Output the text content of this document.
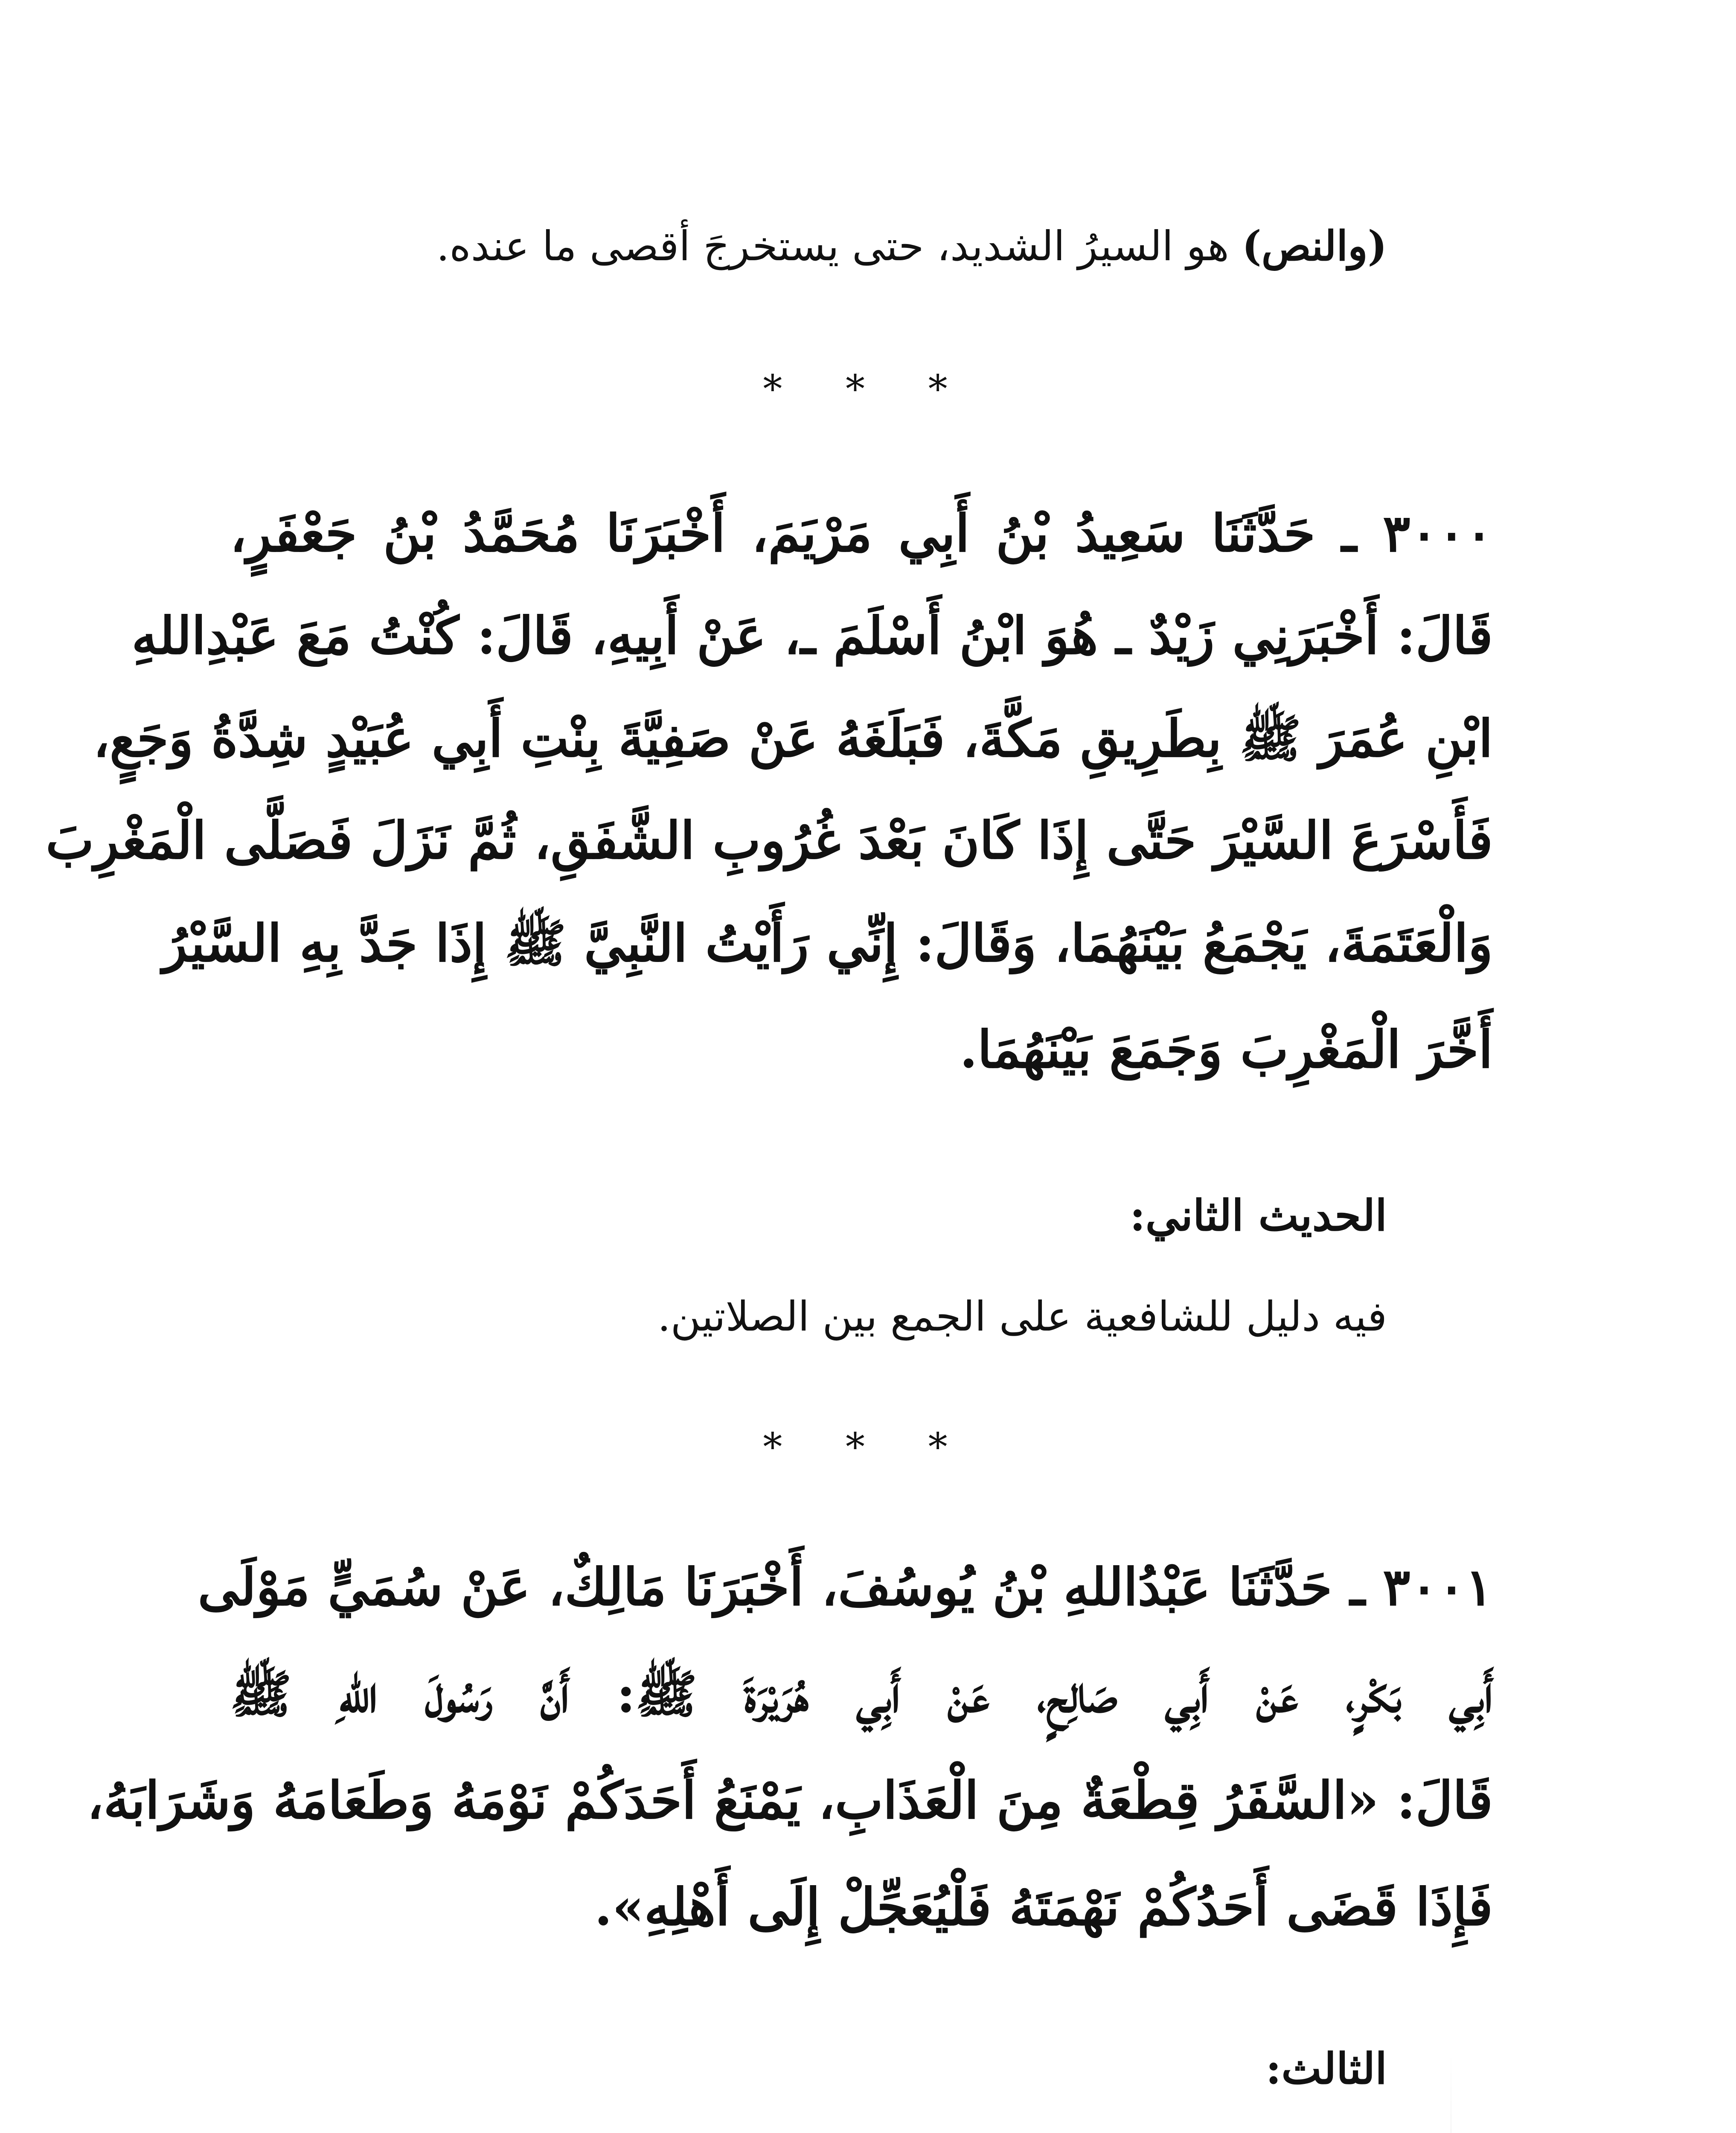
(والنص) هو السيرُ الشديد، حتى يستخرجَ أقصى ما عنده.
* * *
٣٠٠٠ ـ حَدَّثَنَا سَعِيدُ بْنُ أَبِي مَرْيَمَ، أَخْبَرَنَا مُحَمَّدُ بْنُ جَعْفَرٍ،
قَالَ: أَخْبَرَنِي زَيْدٌ ـ هُوَ ابْنُ أَسْلَمَ ـ، عَنْ أَبِيهِ، قَالَ: كُنْتُ مَعَ عَبْدِاللهِ
ابْنِ عُمَرَ ﷺ بِطَرِيقِ مَكَّةَ، فَبَلَغَهُ عَنْ صَفِيَّةَ بِنْتِ أَبِي عُبَيْدٍ شِدَّةُ وَجَعٍ،
فَأَسْرَعَ السَّيْرَ حَتَّى إِذَا كَانَ بَعْدَ غُرُوبِ الشَّفَقِ، ثُمَّ نَزَلَ فَصَلَّى الْمَغْرِبَ
وَالْعَتَمَةَ، يَجْمَعُ بَيْنَهُمَا، وَقَالَ: إِنِّي رَأَيْتُ النَّبِيَّ ﷺ إِذَا جَدَّ بِهِ السَّيْرُ
أَخَّرَ الْمَغْرِبَ وَجَمَعَ بَيْنَهُمَا.
الحديث الثاني:
فيه دليل للشافعية على الجمع بين الصلاتين.
* * *
٣٠٠١ ـ حَدَّثَنَا عَبْدُاللهِ بْنُ يُوسُفَ، أَخْبَرَنَا مَالِكٌ، عَنْ سُمَيٍّ مَوْلَى
أَبِي بَكْرٍ، عَنْ أَبِي صَالِحٍ، عَنْ أَبِي هُرَيْرَةَ ﷺ: أَنَّ رَسُولَ اللهِ ﷺ
قَالَ: «السَّفَرُ قِطْعَةٌ مِنَ الْعَذَابِ، يَمْنَعُ أَحَدَكُمْ نَوْمَهُ وَطَعَامَهُ وَشَرَابَهُ،
فَإِذَا قَضَى أَحَدُكُمْ نَهْمَتَهُ فَلْيُعَجِّلْ إِلَى أَهْلِهِ».
الثالث:
